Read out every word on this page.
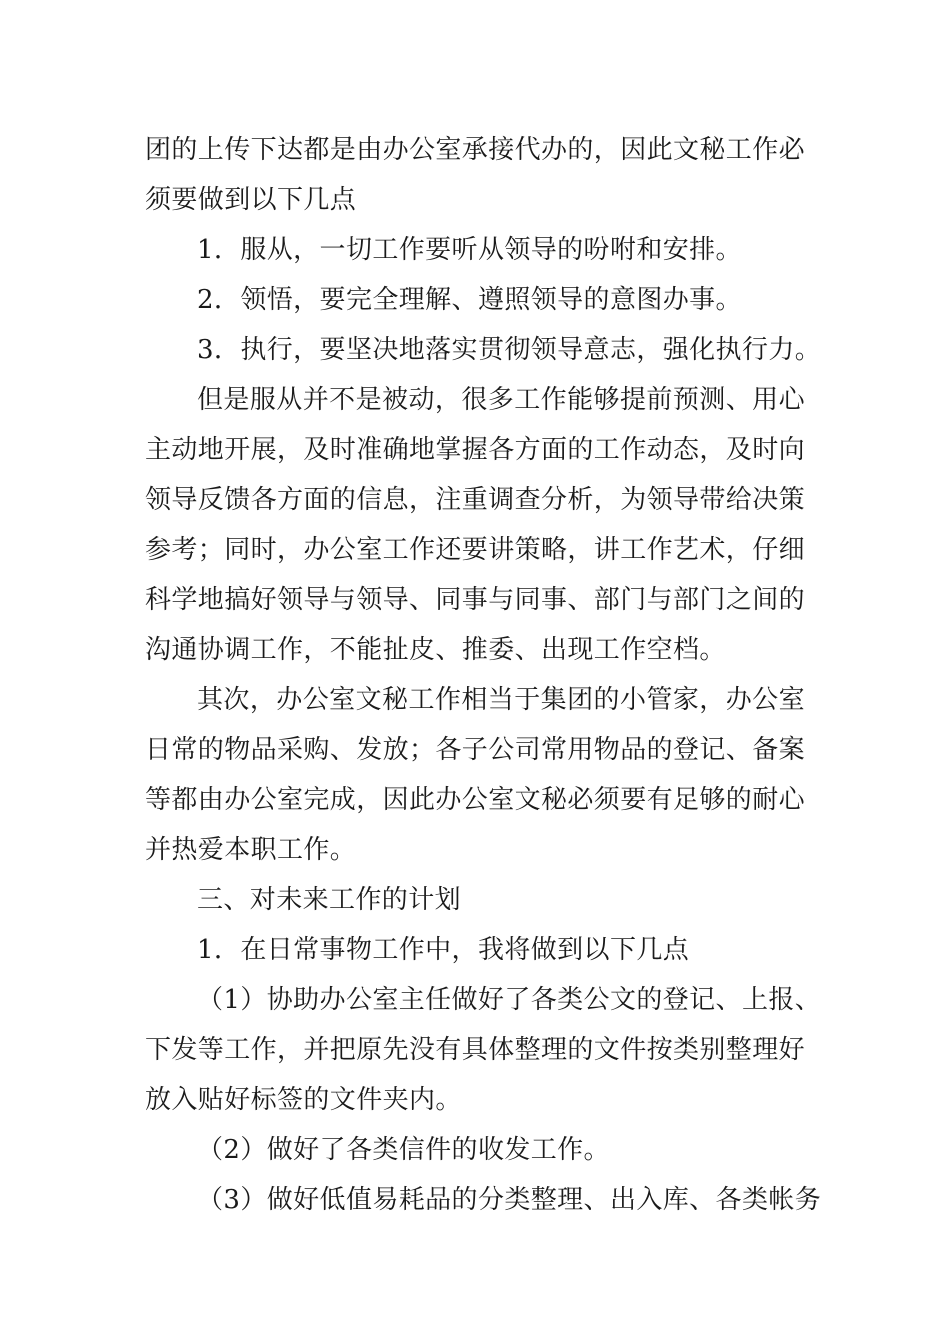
团的上传下达都是由办公室承接代办的，因此文秘工作必
须要做到以下几点
1．服从，一切工作要听从领导的吩咐和安排。
2．领悟，要完全理解、遵照领导的意图办事。
3．执行，要坚决地落实贯彻领导意志，强化执行力。
但是服从并不是被动，很多工作能够提前预测、用心
主动地开展，及时准确地掌握各方面的工作动态，及时向
领导反馈各方面的信息，注重调查分析，为领导带给决策
参考；同时，办公室工作还要讲策略，讲工作艺术，仔细
科学地搞好领导与领导、同事与同事、部门与部门之间的
沟通协调工作，不能扯皮、推委、出现工作空档。
其次，办公室文秘工作相当于集团的小管家，办公室
日常的物品采购、发放；各子公司常用物品的登记、备案
等都由办公室完成，因此办公室文秘必须要有足够的耐心
并热爱本职工作。
三、对未来工作的计划
1．在日常事物工作中，我将做到以下几点
（1）协助办公室主任做好了各类公文的登记、上报、
下发等工作，并把原先没有具体整理的文件按类别整理好
放入贴好标签的文件夹内。
（2）做好了各类信件的收发工作。
（3）做好低值易耗品的分类整理、出入库、各类帐务
